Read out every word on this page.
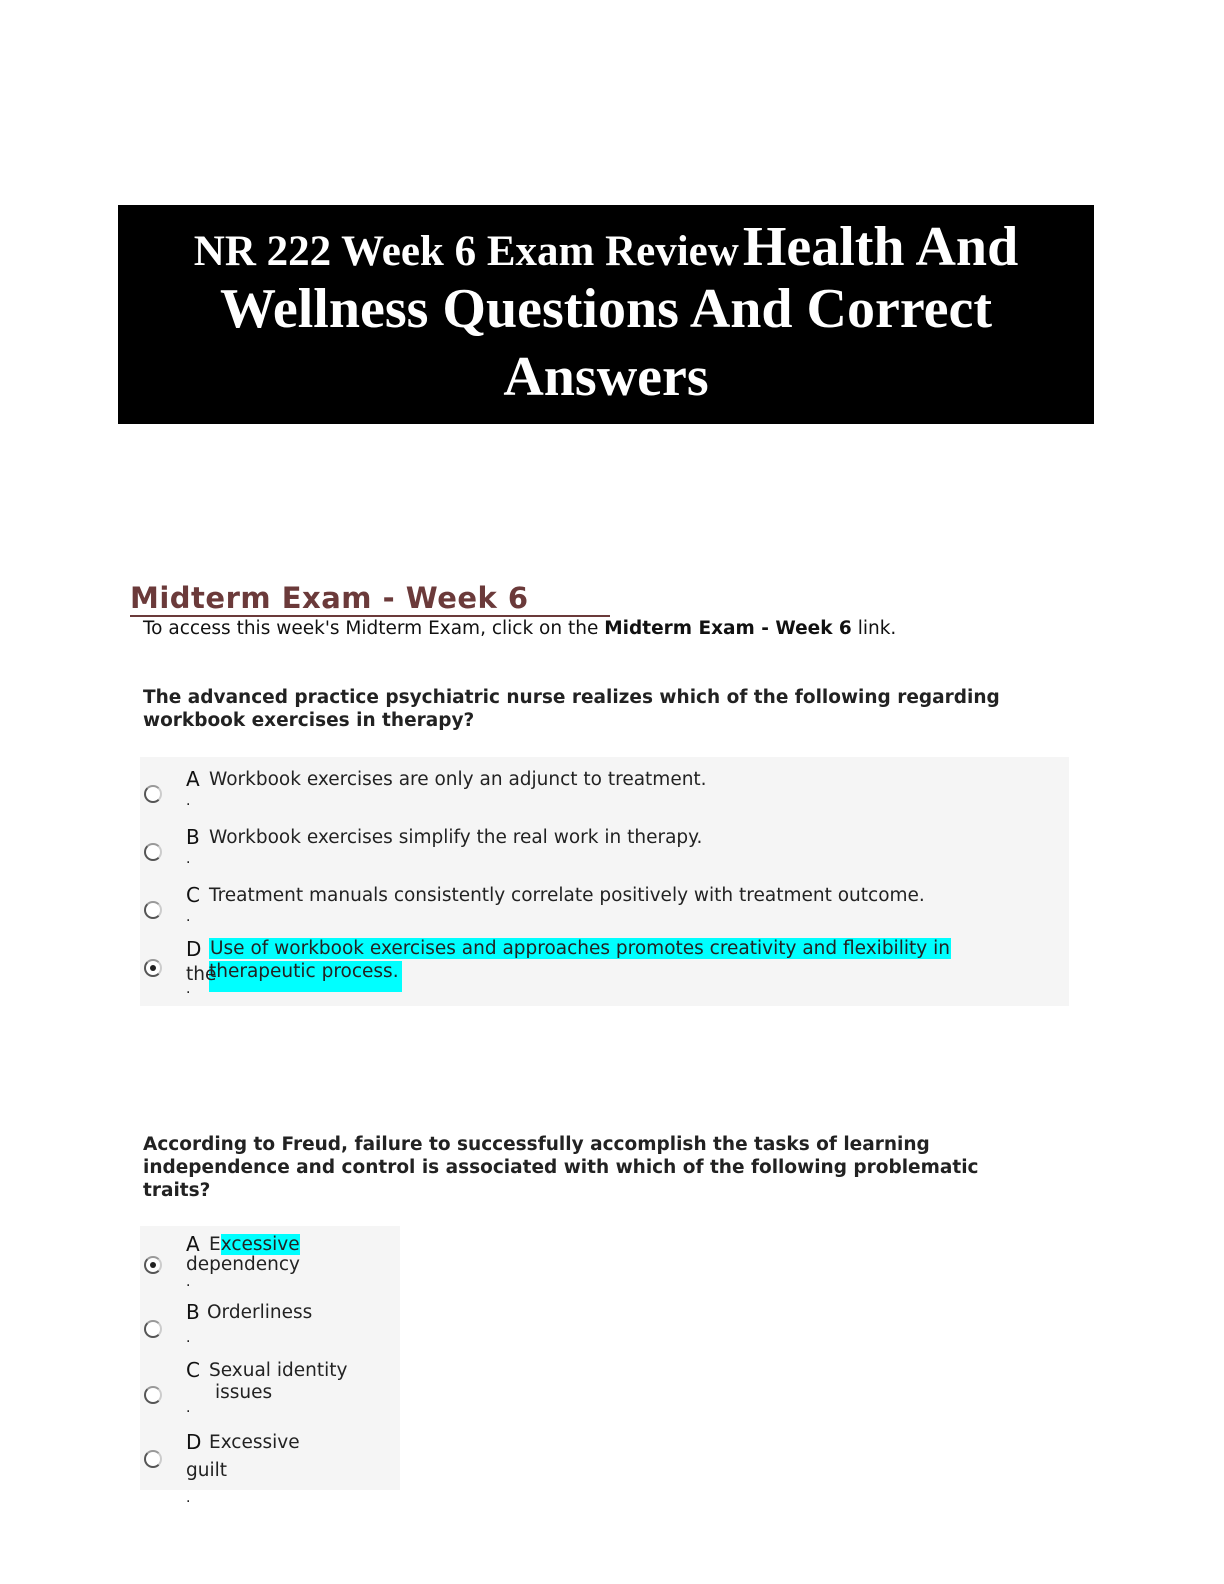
NR 222 Week 6 Exam Review Health And
Wellness Questions And Correct
Answers
Midterm Exam - Week 6
To access this week's Midterm Exam, click on the Midterm Exam - Week 6 link.
The advanced practice psychiatric nurse realizes which of the following regarding workbook exercises in therapy?
A Workbook exercises are only an adjunct to treatment.
.
B Workbook exercises simplify the real work in therapy.
.
C Treatment manuals consistently correlate positively with treatment outcome.
.
D Use of workbook exercises and approaches promotes creativity and flexibility in
therapeutic process.
the
.
According to Freud, failure to successfully accomplish the tasks of learning independence and control is associated with which of the following problematic traits?
A Excessive
dependency
.
B Orderliness
.
C Sexual identity
issues
.
D Excessive
guilt
.
